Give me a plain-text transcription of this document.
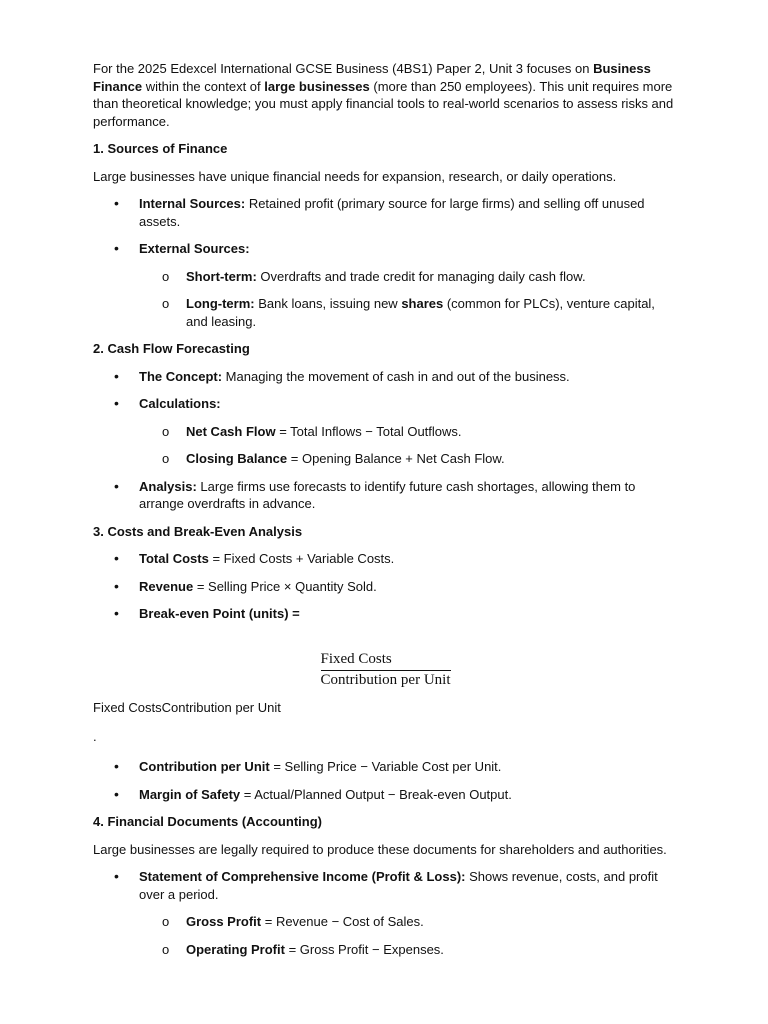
For the 2025 Edexcel International GCSE Business (4BS1) Paper 2, Unit 3 focuses on Business Finance within the context of large businesses (more than 250 employees). This unit requires more than theoretical knowledge; you must apply financial tools to real-world scenarios to assess risks and performance.

1. Sources of Finance

Large businesses have unique financial needs for expansion, research, or daily operations.

• Internal Sources: Retained profit (primary source for large firms) and selling off unused assets.
• External Sources:
o Short-term: Overdrafts and trade credit for managing daily cash flow.
o Long-term: Bank loans, issuing new shares (common for PLCs), venture capital, and leasing.

2. Cash Flow Forecasting

• The Concept: Managing the movement of cash in and out of the business.
• Calculations:
o Net Cash Flow = Total Inflows − Total Outflows.
o Closing Balance = Opening Balance + Net Cash Flow.
• Analysis: Large firms use forecasts to identify future cash shortages, allowing them to arrange overdrafts in advance.

3. Costs and Break-Even Analysis

• Total Costs = Fixed Costs + Variable Costs.
• Revenue = Selling Price × Quantity Sold.
• Break-even Point (units) =
$\frac{\text{Fixed Costs}}{\text{Contribution per Unit}}$

Fixed CostsContribution per Unit

.

• Contribution per Unit = Selling Price − Variable Cost per Unit.
• Margin of Safety = Actual/Planned Output − Break-even Output.

4. Financial Documents (Accounting)

Large businesses are legally required to produce these documents for shareholders and authorities.

• Statement of Comprehensive Income (Profit & Loss): Shows revenue, costs, and profit over a period.
o Gross Profit = Revenue − Cost of Sales.
o Operating Profit = Gross Profit − Expenses.
